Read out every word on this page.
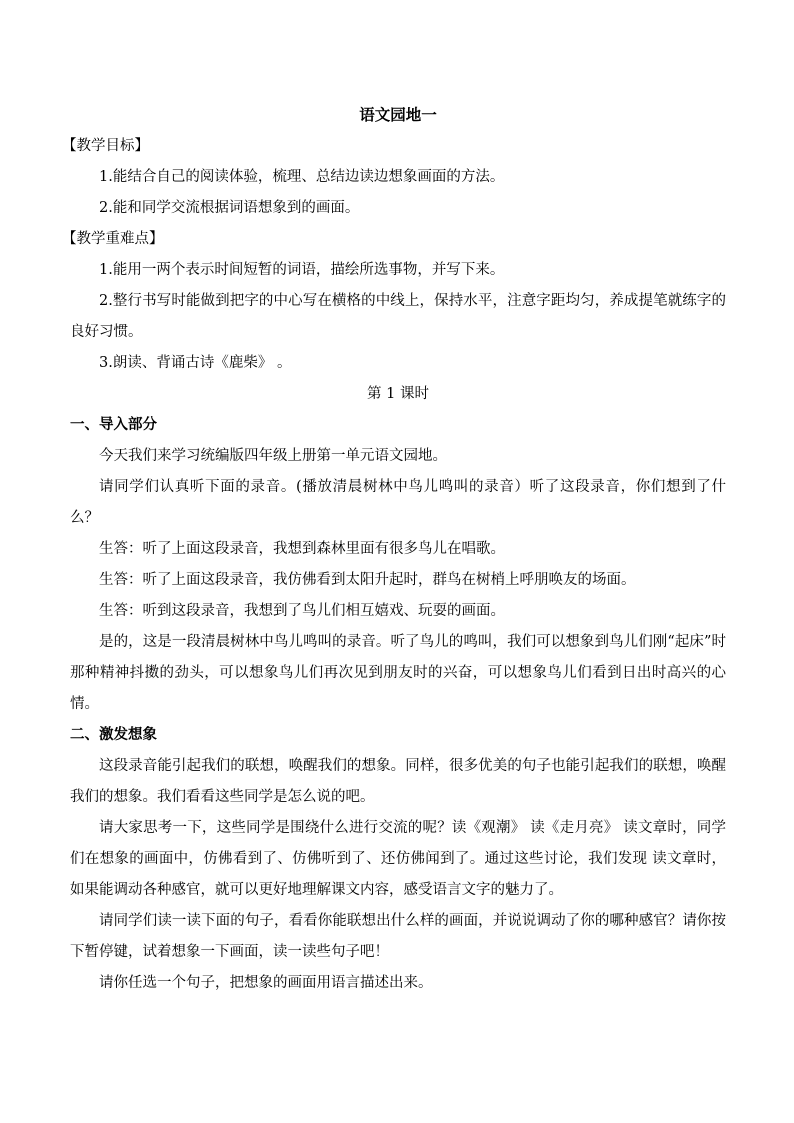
语文园地一
【教学目标】

1.能结合自己的阅读体验，梳理、总结边读边想象画面的方法。

2.能和同学交流根据词语想象到的画面。

【教学重难点】

1.能用一两个表示时间短暂的词语，描绘所选事物，并写下来。

2.整行书写时能做到把字的中心写在横格的中线上，保持水平，注意字距均匀，养成提笔就练字的良好习惯。

3.朗读、背诵古诗《鹿柴》 。

第 1 课时
一、导入部分

今天我们来学习统编版四年级上册第一单元语文园地。

请同学们认真听下面的录音。(播放清晨树林中鸟儿鸣叫的录音）听了这段录音，你们想到了什么？

生答：听了上面这段录音，我想到森林里面有很多鸟儿在唱歌。

生答：听了上面这段录音，我仿佛看到太阳升起时，群鸟在树梢上呼朋唤友的场面。

生答：听到这段录音，我想到了鸟儿们相互嬉戏、玩耍的画面。

是的，这是一段清晨树林中鸟儿鸣叫的录音。听了鸟儿的鸣叫，我们可以想象到鸟儿们刚“起床”时那种精神抖擞的劲头，可以想象鸟儿们再次见到朋友时的兴奋，可以想象鸟儿们看到日出时高兴的心情。

二、激发想象

这段录音能引起我们的联想，唤醒我们的想象。同样，很多优美的句子也能引起我们的联想，唤醒我们的想象。我们看看这些同学是怎么说的吧。

请大家思考一下，这些同学是围绕什么进行交流的呢？读《观潮》 读《走月亮》 读文章时，同学们在想象的画面中，仿佛看到了、仿佛听到了、还仿佛闻到了。通过这些讨论，我们发现 读文章时，如果能调动各种感官，就可以更好地理解课文内容，感受语言文字的魅力了。

请同学们读一读下面的句子，看看你能联想出什么样的画面，并说说调动了你的哪种感官？请你按下暂停键，试着想象一下画面，读一读些句子吧！

请你任选一个句子，把想象的画面用语言描述出来。
